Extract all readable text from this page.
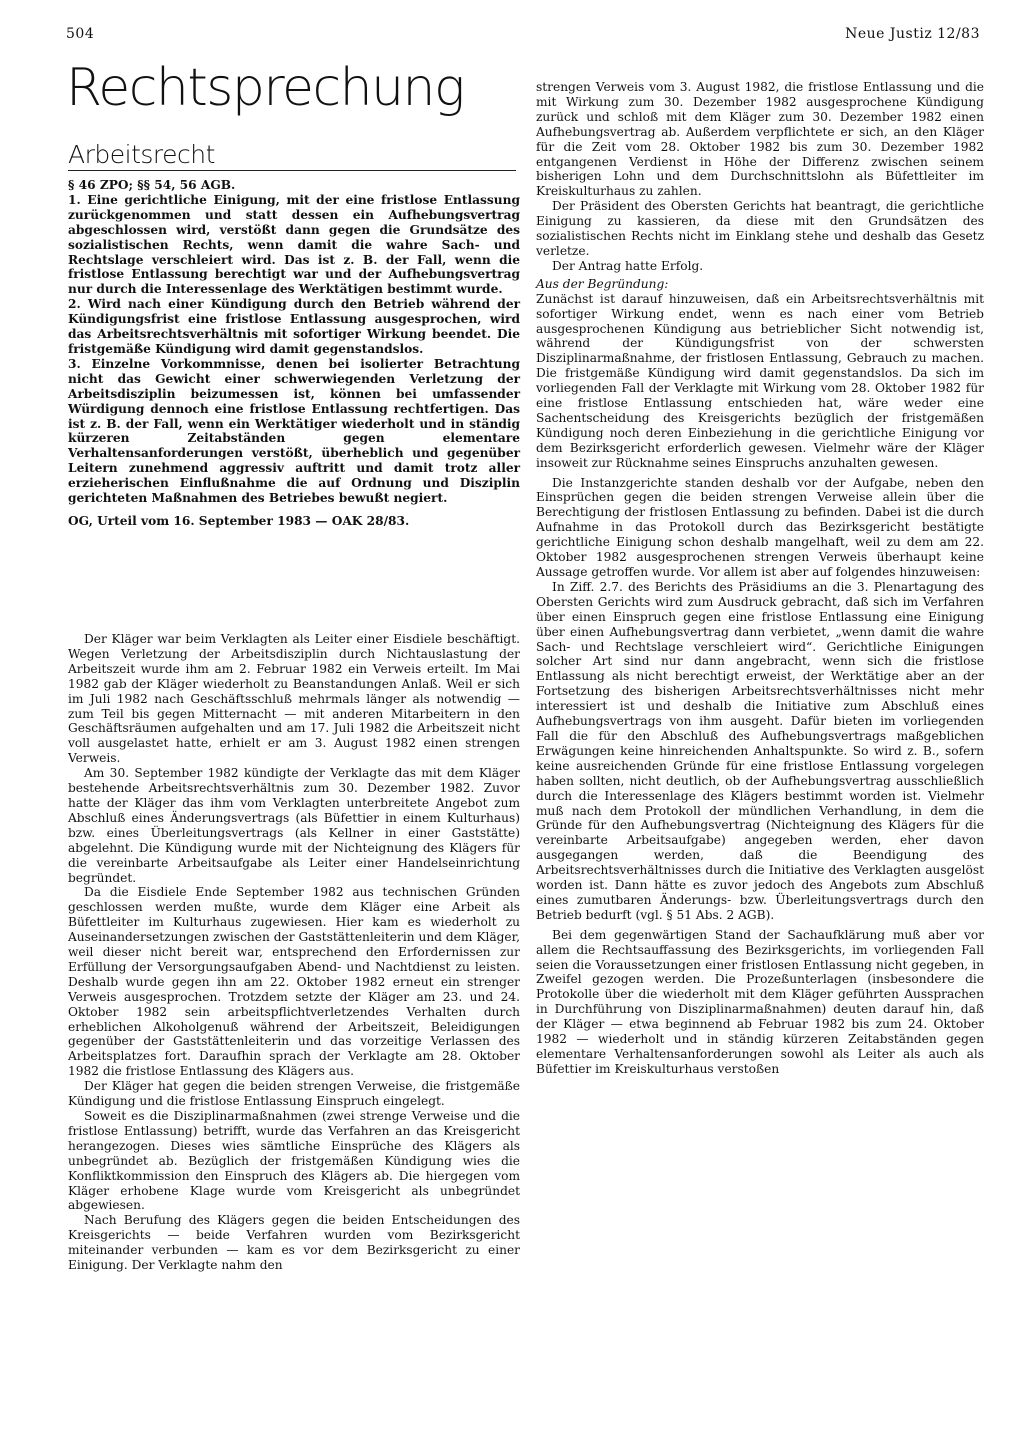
504	Neue Justiz 12/83
Rechtsprechung
Arbeitsrecht

§ 46 ZPO; §§ 54, 56 AGB.

1. Eine gerichtliche Einigung, mit der eine fristlose Entlassung zurückgenommen und statt dessen ein Aufhebungsvertrag abgeschlossen wird, verstößt dann gegen die Grundsätze des sozialistischen Rechts, wenn damit die wahre Sach- und Rechtslage verschleiert wird. Das ist z. B. der Fall, wenn die fristlose Entlassung berechtigt war und der Aufhebungsvertrag nur durch die Interessenlage des Werktätigen bestimmt wurde.

2. Wird nach einer Kündigung durch den Betrieb während der Kündigungsfrist eine fristlose Entlassung ausgesprochen, wird das Arbeitsrechtsverhältnis mit sofortiger Wirkung beendet. Die fristgemäße Kündigung wird damit gegenstandslos.

3. Einzelne Vorkommnisse, denen bei isolierter Betrachtung nicht das Gewicht einer schwerwiegenden Verletzung der Arbeitsdisziplin beizumessen ist, können bei umfassender Würdigung dennoch eine fristlose Entlassung rechtfertigen. Das ist z. B. der Fall, wenn ein Werktätiger wiederholt und in ständig kürzeren Zeitabständen gegen elementare Verhaltensanforderungen verstößt, überheblich und gegenüber Leitern zunehmend aggressiv auftritt und damit trotz aller erzieherischen Einflußnahme die auf Ordnung und Disziplin gerichteten Maßnahmen des Betriebes bewußt negiert.

OG, Urteil vom 16. September 1983 — OAK 28/83.

Der Kläger war beim Verklagten als Leiter einer Eisdiele beschäftigt. Wegen Verletzung der Arbeitsdisziplin durch Nichtauslastung der Arbeitszeit wurde ihm am 2. Februar 1982 ein Verweis erteilt. Im Mai 1982 gab der Kläger wiederholt zu Beanstandungen Anlaß. Weil er sich im Juli 1982 nach Geschäftsschluß mehrmals länger als notwendig — zum Teil bis gegen Mitternacht — mit anderen Mitarbeitern in den Geschäftsräumen aufgehalten und am 17. Juli 1982 die Arbeitszeit nicht voll ausgelastet hatte, erhielt er am 3. August 1982 einen strengen Verweis.

Am 30. September 1982 kündigte der Verklagte das mit dem Kläger bestehende Arbeitsrechtsverhältnis zum 30. Dezember 1982. Zuvor hatte der Kläger das ihm vom Verklagten unterbreitete Angebot zum Abschluß eines Änderungsvertrags (als Büfettier in einem Kulturhaus) bzw. eines Überleitungsvertrags (als Kellner in einer Gaststätte) abgelehnt. Die Kündigung wurde mit der Nichteignung des Klägers für die vereinbarte Arbeitsaufgabe als Leiter einer Handelseinrichtung begründet.

Da die Eisdiele Ende September 1982 aus technischen Gründen geschlossen werden mußte, wurde dem Kläger eine Arbeit als Büfettleiter im Kulturhaus zugewiesen. Hier kam es wiederholt zu Auseinandersetzungen zwischen der Gaststättenleiterin und dem Kläger, weil dieser nicht bereit war, entsprechend den Erfordernissen zur Erfüllung der Versorgungsaufgaben Abend- und Nachtdienst zu leisten. Deshalb wurde gegen ihn am 22. Oktober 1982 erneut ein strenger Verweis ausgesprochen. Trotzdem setzte der Kläger am 23. und 24. Oktober 1982 sein arbeitspflichtverletzendes Verhalten durch erheblichen Alkoholgenuß während der Arbeitszeit, Beleidigungen gegenüber der Gaststättenleiterin und das vorzeitige Verlassen des Arbeitsplatzes fort. Daraufhin sprach der Verklagte am 28. Oktober 1982 die fristlose Entlassung des Klägers aus.

Der Kläger hat gegen die beiden strengen Verweise, die fristgemäße Kündigung und die fristlose Entlassung Einspruch eingelegt.

Soweit es die Disziplinarmaßnahmen (zwei strenge Verweise und die fristlose Entlassung) betrifft, wurde das Verfahren an das Kreisgericht herangezogen. Dieses wies sämtliche Einsprüche des Klägers als unbegründet ab. Bezüglich der fristgemäßen Kündigung wies die Konfliktkommission den Einspruch des Klägers ab. Die hiergegen vom Kläger erhobene Klage wurde vom Kreisgericht als unbegründet abgewiesen.

Nach Berufung des Klägers gegen die beiden Entscheidungen des Kreisgerichts — beide Verfahren wurden vom Bezirksgericht miteinander verbunden — kam es vor dem Bezirksgericht zu einer Einigung. Der Verklagte nahm den

strengen Verweis vom 3. August 1982, die fristlose Entlassung und die mit Wirkung zum 30. Dezember 1982 ausgesprochene Kündigung zurück und schloß mit dem Kläger zum 30. Dezember 1982 einen Aufhebungsvertrag ab. Außerdem verpflichtete er sich, an den Kläger für die Zeit vom 28. Oktober 1982 bis zum 30. Dezember 1982 entgangenen Verdienst in Höhe der Differenz zwischen seinem bisherigen Lohn und dem Durchschnittslohn als Büfettleiter im Kreiskulturhaus zu zahlen.

Der Präsident des Obersten Gerichts hat beantragt, die gerichtliche Einigung zu kassieren, da diese mit den Grundsätzen des sozialistischen Rechts nicht im Einklang stehe und deshalb das Gesetz verletze.

Der Antrag hatte Erfolg.

Aus der Begründung:

Zunächst ist darauf hinzuweisen, daß ein Arbeitsrechtsverhältnis mit sofortiger Wirkung endet, wenn es nach einer vom Betrieb ausgesprochenen Kündigung aus betrieblicher Sicht notwendig ist, während der Kündigungsfrist von der schwersten Disziplinarmaßnahme, der fristlosen Entlassung, Gebrauch zu machen. Die fristgemäße Kündigung wird damit gegenstandslos. Da sich im vorliegenden Fall der Verklagte mit Wirkung vom 28. Oktober 1982 für eine fristlose Entlassung entschieden hat, wäre weder eine Sachentscheidung des Kreisgerichts bezüglich der fristgemäßen Kündigung noch deren Einbeziehung in die gerichtliche Einigung vor dem Bezirksgericht erforderlich gewesen. Vielmehr wäre der Kläger insoweit zur Rücknahme seines Einspruchs anzuhalten gewesen.

Die Instanzgerichte standen deshalb vor der Aufgabe, neben den Einsprüchen gegen die beiden strengen Verweise allein über die Berechtigung der fristlosen Entlassung zu befinden. Dabei ist die durch Aufnahme in das Protokoll durch das Bezirksgericht bestätigte gerichtliche Einigung schon deshalb mangelhaft, weil zu dem am 22. Oktober 1982 ausgesprochenen strengen Verweis überhaupt keine Aussage getroffen wurde. Vor allem ist aber auf folgendes hinzuweisen:

In Ziff. 2.7. des Berichts des Präsidiums an die 3. Plenartagung des Obersten Gerichts wird zum Ausdruck gebracht, daß sich im Verfahren über einen Einspruch gegen eine fristlose Entlassung eine Einigung über einen Aufhebungsvertrag dann verbietet, „wenn damit die wahre Sach- und Rechtslage verschleiert wird“. Gerichtliche Einigungen solcher Art sind nur dann angebracht, wenn sich die fristlose Entlassung als nicht berechtigt erweist, der Werktätige aber an der Fortsetzung des bisherigen Arbeitsrechtsverhältnisses nicht mehr interessiert ist und deshalb die Initiative zum Abschluß eines Aufhebungsvertrags von ihm ausgeht. Dafür bieten im vorliegenden Fall die für den Abschluß des Aufhebungsvertrags maßgeblichen Erwägungen keine hinreichenden Anhaltspunkte. So wird z. B., sofern keine ausreichenden Gründe für eine fristlose Entlassung vorgelegen haben sollten, nicht deutlich, ob der Aufhebungsvertrag ausschließlich durch die Interessenlage des Klägers bestimmt worden ist. Vielmehr muß nach dem Protokoll der mündlichen Verhandlung, in dem die Gründe für den Aufhebungsvertrag (Nichteignung des Klägers für die vereinbarte Arbeitsaufgabe) angegeben werden, eher davon ausgegangen werden, daß die Beendigung des Arbeitsrechtsverhältnisses durch die Initiative des Verklagten ausgelöst worden ist. Dann hätte es zuvor jedoch des Angebots zum Abschluß eines zumutbaren Änderungs- bzw. Überleitungsvertrags durch den Betrieb bedurft (vgl. § 51 Abs. 2 AGB).

Bei dem gegenwärtigen Stand der Sachaufklärung muß aber vor allem die Rechtsauffassung des Bezirksgerichts, im vorliegenden Fall seien die Voraussetzungen einer fristlosen Entlassung nicht gegeben, in Zweifel gezogen werden. Die Prozeßunterlagen (insbesondere die Protokolle über die wiederholt mit dem Kläger geführten Aussprachen in Durchführung von Disziplinarmaßnahmen) deuten darauf hin, daß der Kläger — etwa beginnend ab Februar 1982 bis zum 24. Oktober 1982 — wiederholt und in ständig kürzeren Zeitabständen gegen elementare Verhaltensanforderungen sowohl als Leiter als auch als Büfettier im Kreiskulturhaus verstoßen
